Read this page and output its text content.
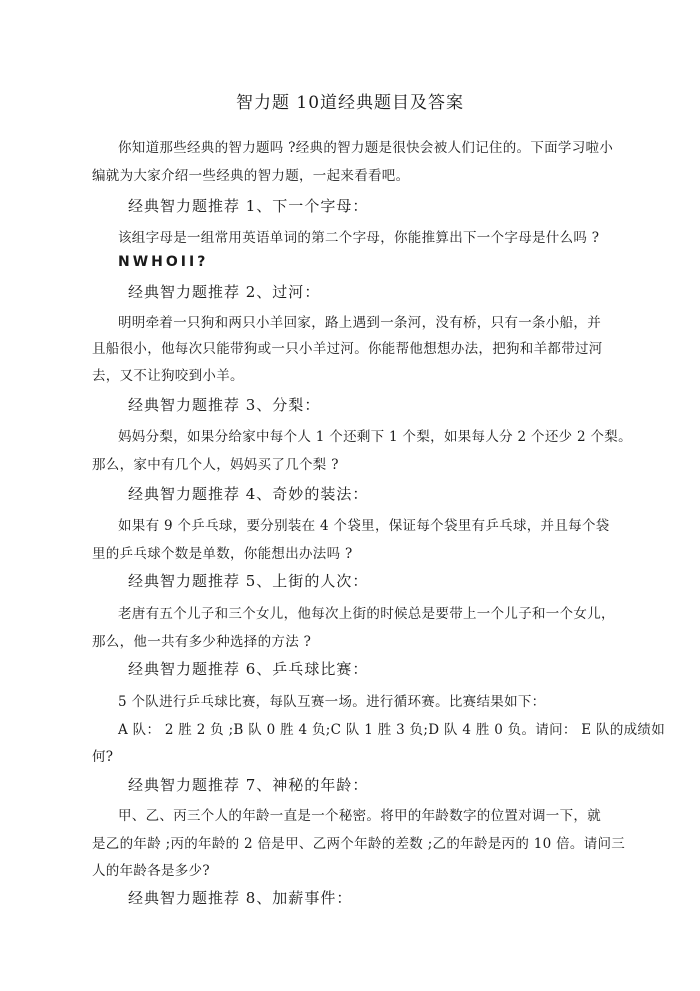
智力题 10道经典题目及答案
你知道那些经典的智力题吗 ?经典的智力题是很快会被人们记住的。下面学习啦小
编就为大家介绍一些经典的智力题，一起来看看吧。
经典智力题推荐 1、下一个字母：
该组字母是一组常用英语单词的第二个字母，你能推算出下一个字母是什么吗 ?
NWHOII?
经典智力题推荐 2、过河：
明明牵着一只狗和两只小羊回家，路上遇到一条河，没有桥，只有一条小船，并
且船很小，他每次只能带狗或一只小羊过河。你能帮他想想办法，把狗和羊都带过河
去，又不让狗咬到小羊。
经典智力题推荐 3、分梨：
妈妈分梨，如果分给家中每个人 1 个还剩下 1 个梨，如果每人分 2 个还少 2 个梨。
那么，家中有几个人，妈妈买了几个梨 ?
经典智力题推荐 4、奇妙的装法：
如果有 9 个乒乓球，要分别装在 4 个袋里，保证每个袋里有乒乓球，并且每个袋
里的乒乓球个数是单数，你能想出办法吗 ?
经典智力题推荐 5、上街的人次：
老唐有五个儿子和三个女儿，他每次上街的时候总是要带上一个儿子和一个女儿，
那么，他一共有多少种选择的方法 ?
经典智力题推荐 6、乒乓球比赛：
5 个队进行乒乓球比赛，每队互赛一场。进行循环赛。比赛结果如下：
A 队： 2 胜 2 负 ;B 队 0 胜 4 负;C 队 1 胜 3 负;D 队 4 胜 0 负。请问： E 队的成绩如
何?
经典智力题推荐 7、神秘的年龄：
甲、乙、丙三个人的年龄一直是一个秘密。将甲的年龄数字的位置对调一下，就
是乙的年龄 ;丙的年龄的 2 倍是甲、乙两个年龄的差数 ;乙的年龄是丙的 10 倍。请问三
人的年龄各是多少?
经典智力题推荐 8、加薪事件：
